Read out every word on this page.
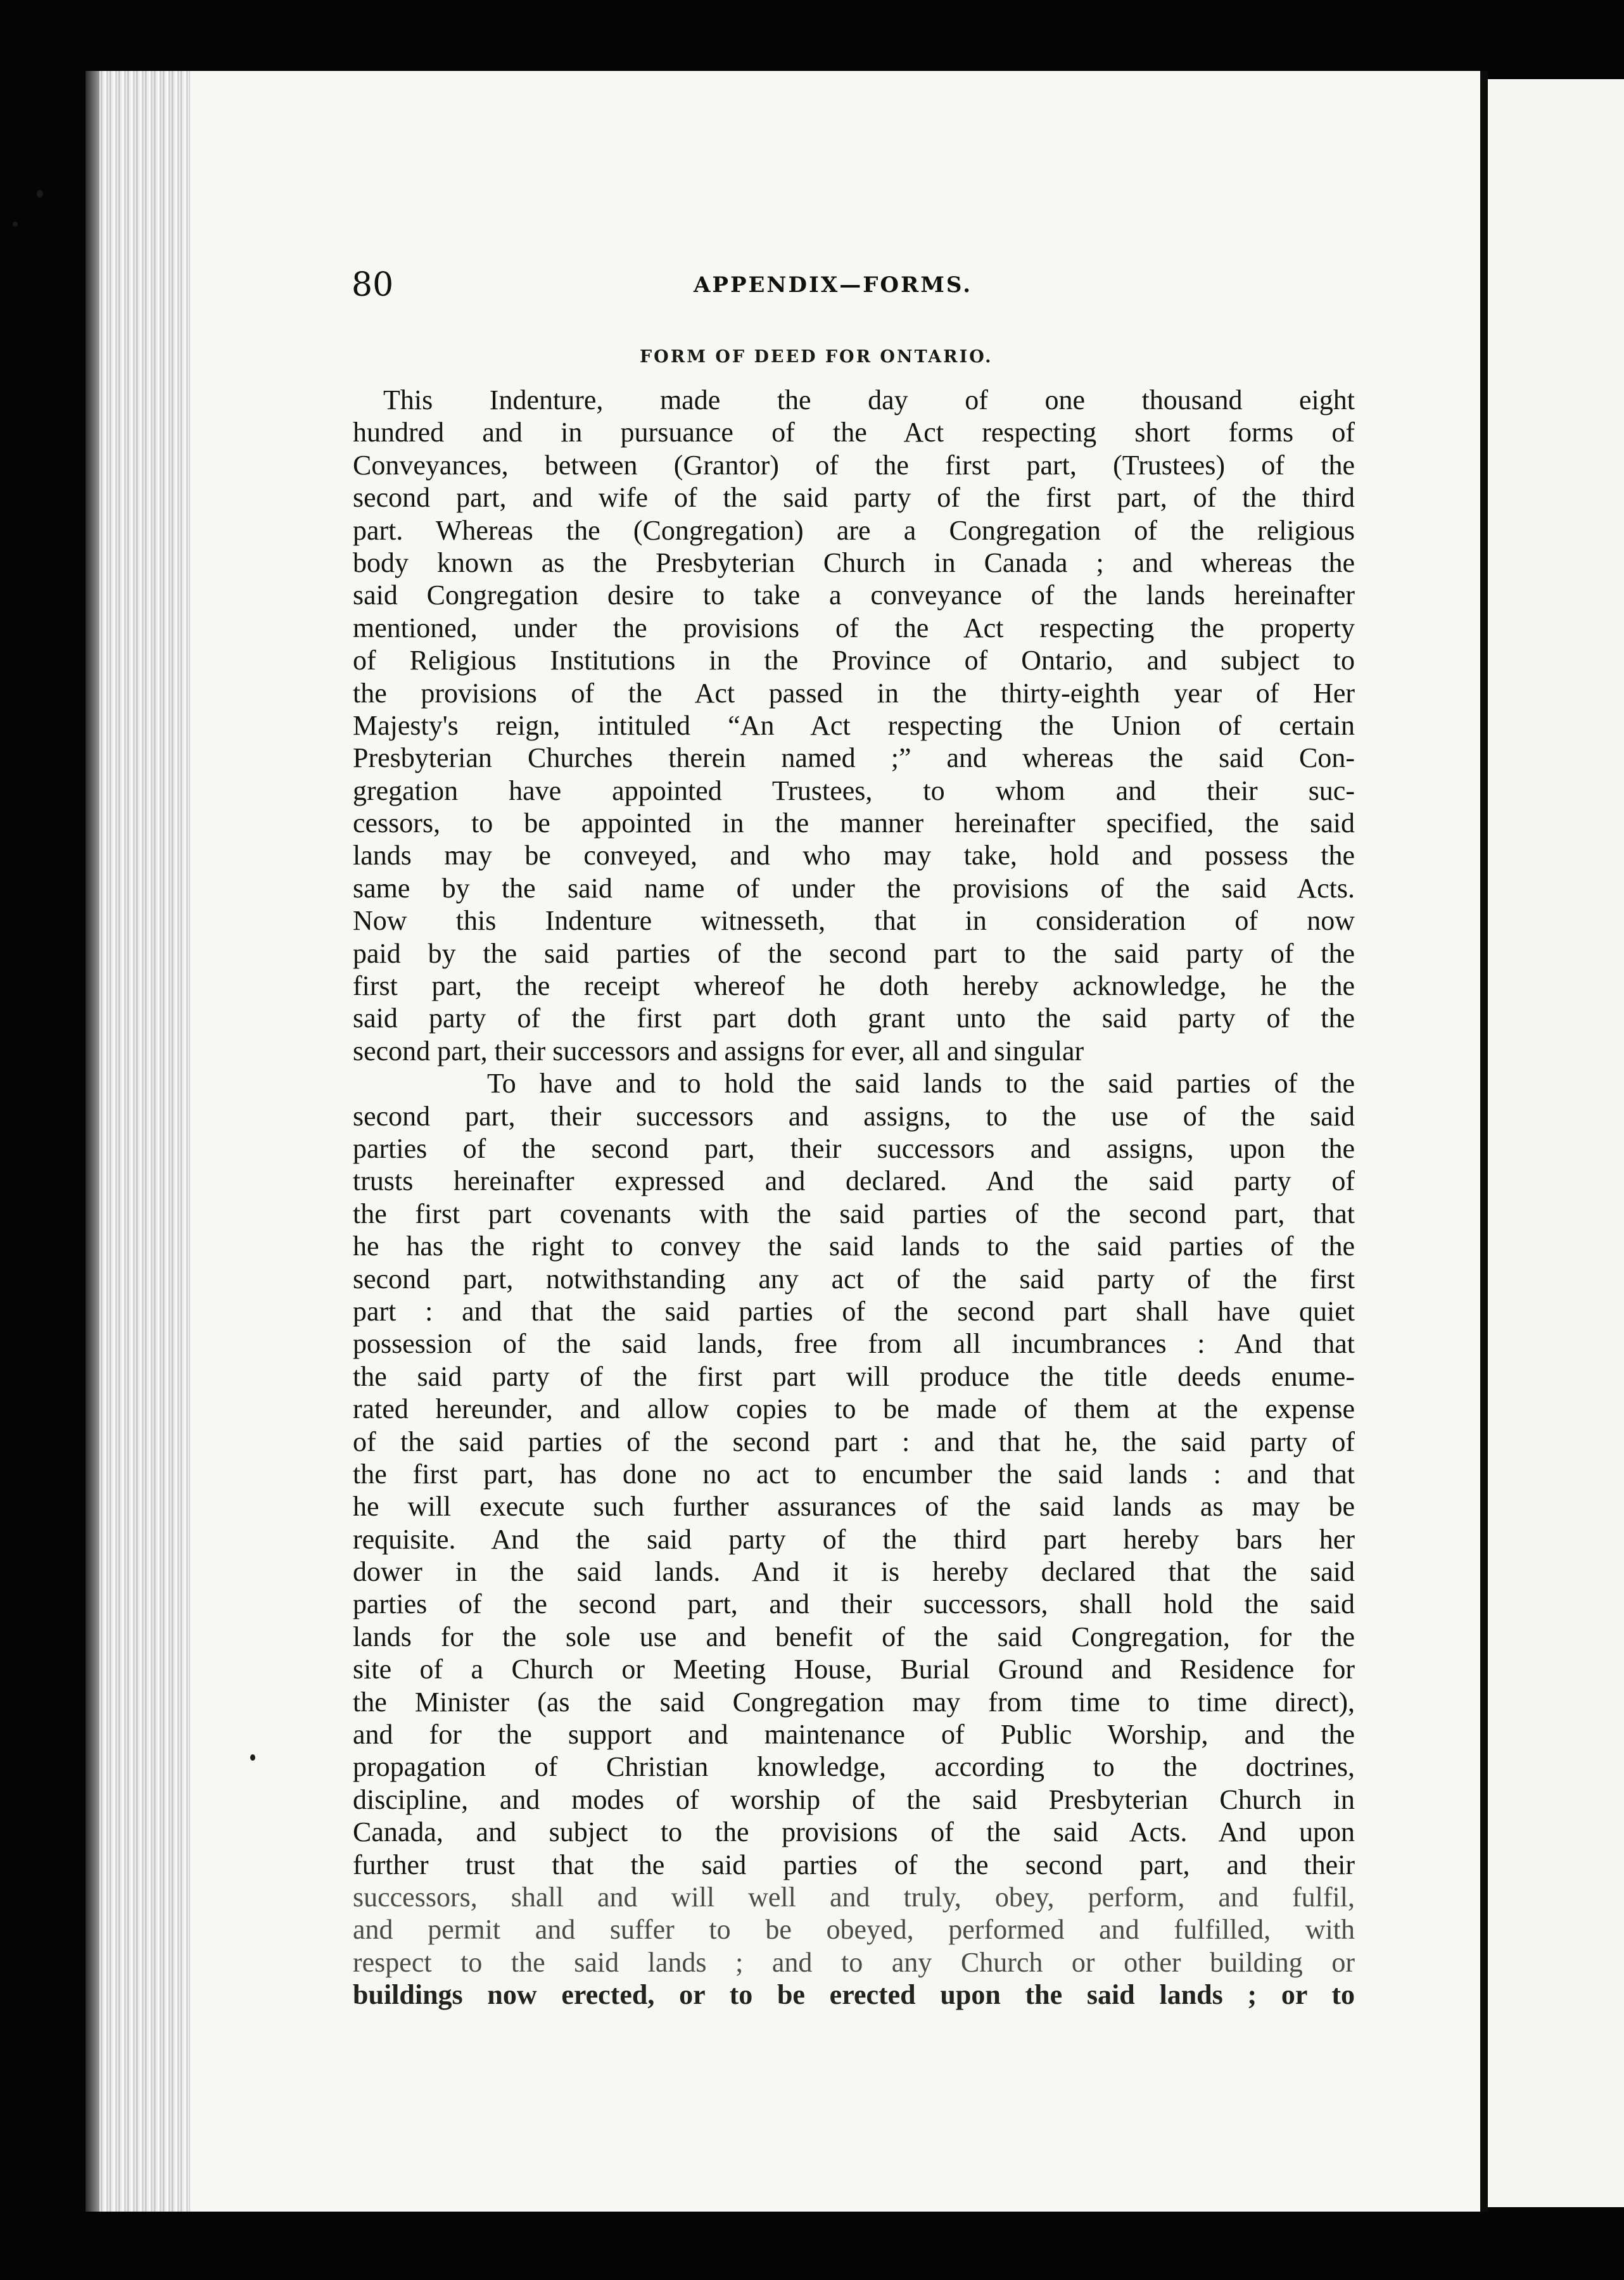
80	APPENDIX—FORMS.
FORM OF DEED FOR ONTARIO.
This Indenture, made the day of one thousand eight
hundred and in pursuance of the Act respecting short forms of
Conveyances, between (Grantor) of the first part, (Trustees) of the
second part, and wife of the said party of the first part, of the third
part. Whereas the (Congregation) are a Congregation of the religious
body known as the Presbyterian Church in Canada ; and whereas the
said Congregation desire to take a conveyance of the lands hereinafter
mentioned, under the provisions of the Act respecting the property
of Religious Institutions in the Province of Ontario, and subject to
the provisions of the Act passed in the thirty-eighth year of Her
Majesty's reign, intituled “An Act respecting the Union of certain
Presbyterian Churches therein named ;” and whereas the said Con-
gregation have appointed Trustees, to whom and their suc-
cessors, to be appointed in the manner hereinafter specified, the said
lands may be conveyed, and who may take, hold and possess the
same by the said name of under the provisions of the said Acts.
Now this Indenture witnesseth, that in consideration of now
paid by the said parties of the second part to the said party of the
first part, the receipt whereof he doth hereby acknowledge, he the
said party of the first part doth grant unto the said party of the
second part, their successors and assigns for ever, all and singular
To have and to hold the said lands to the said parties of the
second part, their successors and assigns, to the use of the said
parties of the second part, their successors and assigns, upon the
trusts hereinafter expressed and declared. And the said party of
the first part covenants with the said parties of the second part, that
he has the right to convey the said lands to the said parties of the
second part, notwithstanding any act of the said party of the first
part : and that the said parties of the second part shall have quiet
possession of the said lands, free from all incumbrances : And that
the said party of the first part will produce the title deeds enume-
rated hereunder, and allow copies to be made of them at the expense
of the said parties of the second part : and that he, the said party of
the first part, has done no act to encumber the said lands : and that
he will execute such further assurances of the said lands as may be
requisite. And the said party of the third part hereby bars her
dower in the said lands. And it is hereby declared that the said
parties of the second part, and their successors, shall hold the said
lands for the sole use and benefit of the said Congregation, for the
site of a Church or Meeting House, Burial Ground and Residence for
the Minister (as the said Congregation may from time to time direct),
and for the support and maintenance of Public Worship, and the
propagation of Christian knowledge, according to the doctrines,
discipline, and modes of worship of the said Presbyterian Church in
Canada, and subject to the provisions of the said Acts. And upon
further trust that the said parties of the second part, and their
successors, shall and will well and truly, obey, perform, and fulfil,
and permit and suffer to be obeyed, performed and fulfilled, with
respect to the said lands ; and to any Church or other building or
buildings now erected, or to be erected upon the said lands ; or to
